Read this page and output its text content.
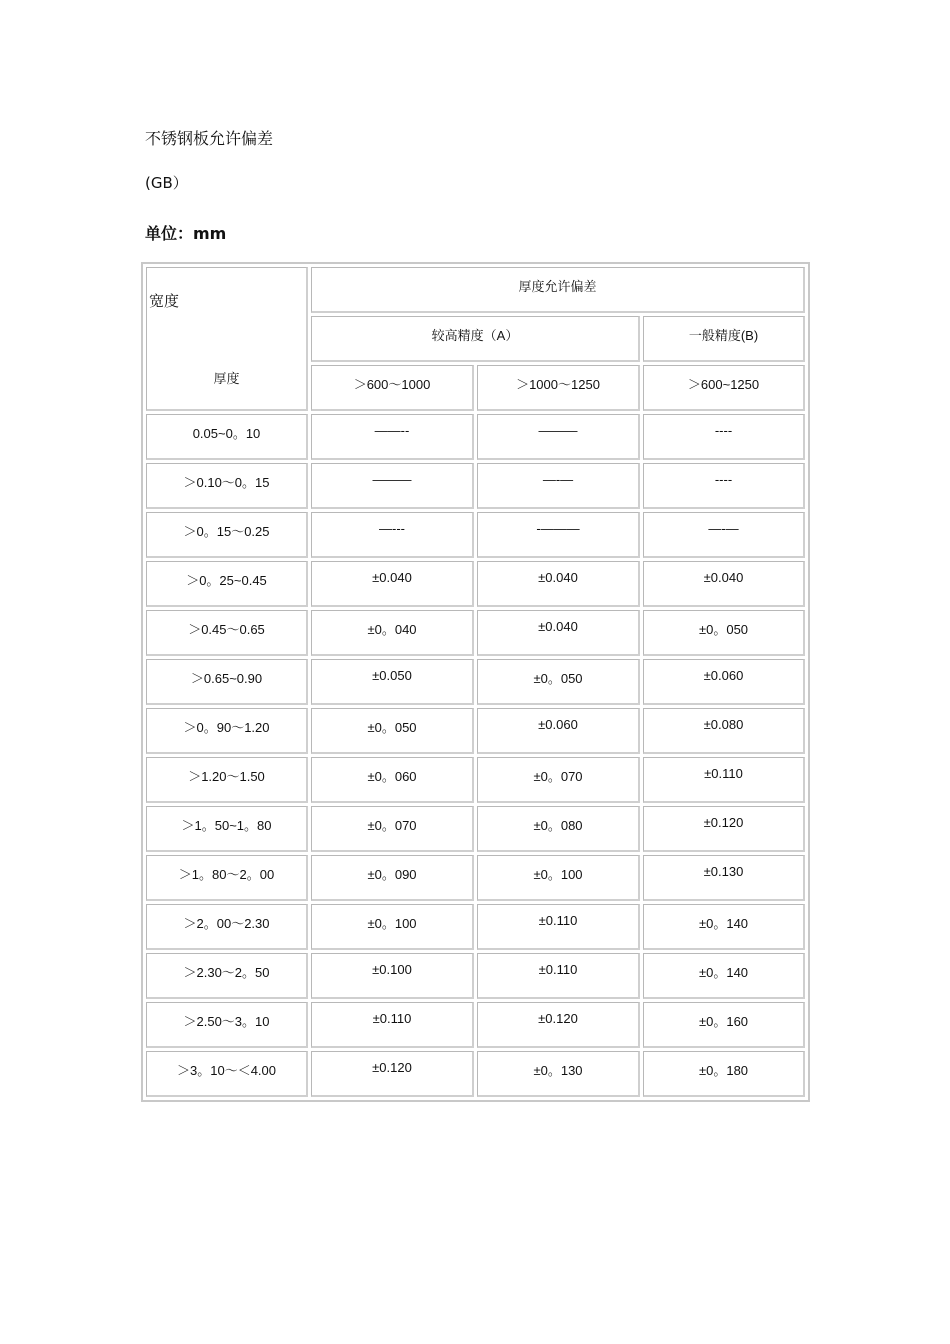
不锈钢板允许偏差
(GB）
单位：mm
宽度
厚度	厚度允许偏差		
	较高精度（A）		一般精度(B)
	＞600～1000	＞1000～1250	＞600~1250
0.05~0。10	——--	———	----
＞0.10～0。15	———	—-—	----
＞0。15～0.25	—---	-———	—-—
＞0。25~0.45	±0.040	±0.040	±0.040
＞0.45～0.65	±0。040	±0.040	±0。050
＞0.65~0.90	±0.050	±0。050	±0.060
＞0。90～1.20	±0。050	±0.060	±0.080
＞1.20～1.50	±0。060	±0。070	±0.110
＞1。50~1。80	±0。070	±0。080	±0.120
＞1。80～2。00	±0。090	±0。100	±0.130
＞2。00～2.30	±0。100	±0.110	±0。140
＞2.30～2。50	±0.100	±0.110	±0。140
＞2.50～3。10	±0.110	±0.120	±0。160
＞3。10～＜4.00	±0.120	±0。130	±0。180
